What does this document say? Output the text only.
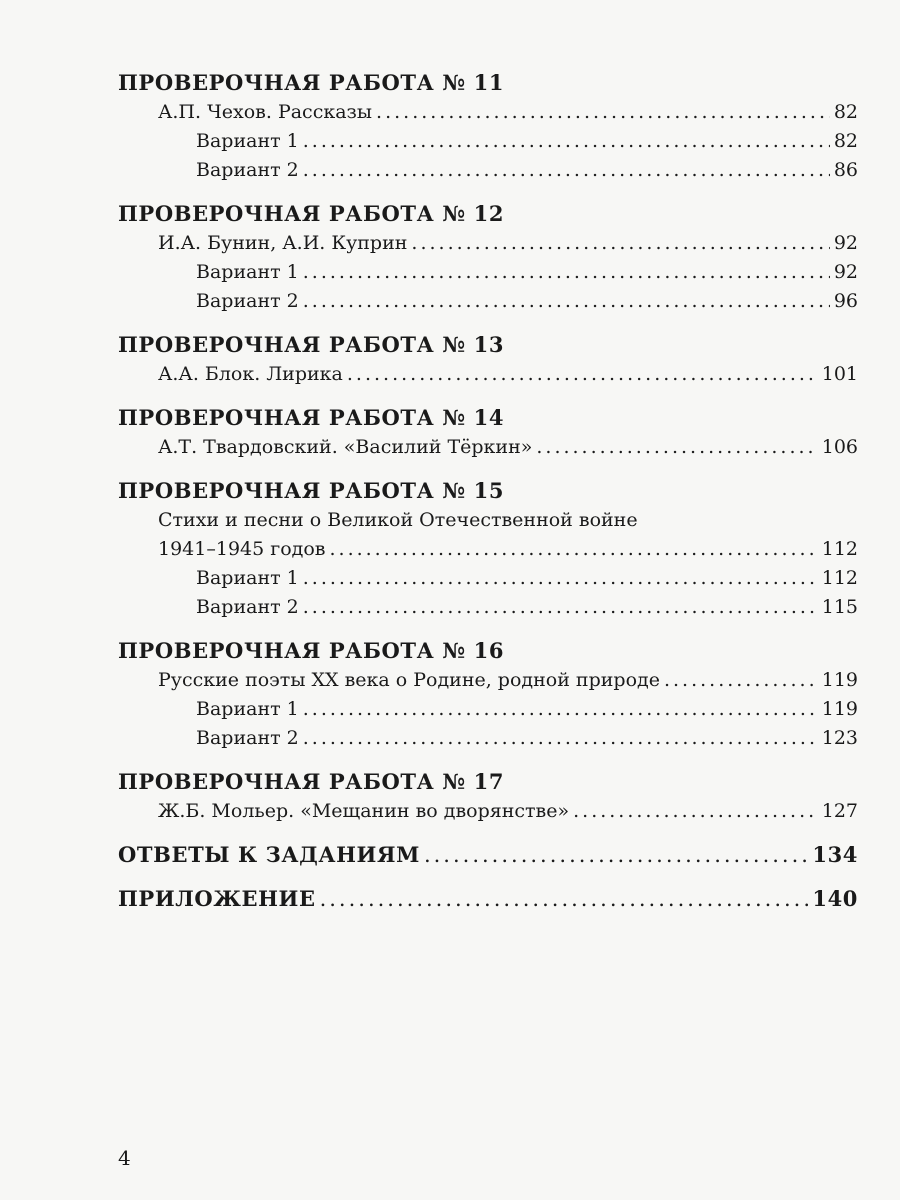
ПРОВЕРОЧНАЯ РАБОТА № 11
А.П. Чехов. Рассказы .....	82
Вариант 1 .....	82
Вариант 2 .....	86
ПРОВЕРОЧНАЯ РАБОТА № 12
И.А. Бунин, А.И. Куприн .....	92
Вариант 1 .....	92
Вариант 2 .....	96
ПРОВЕРОЧНАЯ РАБОТА № 13
А.А. Блок. Лирика .....	101
ПРОВЕРОЧНАЯ РАБОТА № 14
А.Т. Твардовский. «Василий Тёркин» .....	106
ПРОВЕРОЧНАЯ РАБОТА № 15
Стихи и песни о Великой Отечественной войне
1941–1945 годов .....	112
Вариант 1 .....	112
Вариант 2 .....	115
ПРОВЕРОЧНАЯ РАБОТА № 16
Русские поэты XX века о Родине, родной природе .....	119
Вариант 1 .....	119
Вариант 2 .....	123
ПРОВЕРОЧНАЯ РАБОТА № 17
Ж.Б. Мольер. «Мещанин во дворянстве» .....	127
ОТВЕТЫ К ЗАДАНИЯМ .....	134
ПРИЛОЖЕНИЕ .....	140
4
